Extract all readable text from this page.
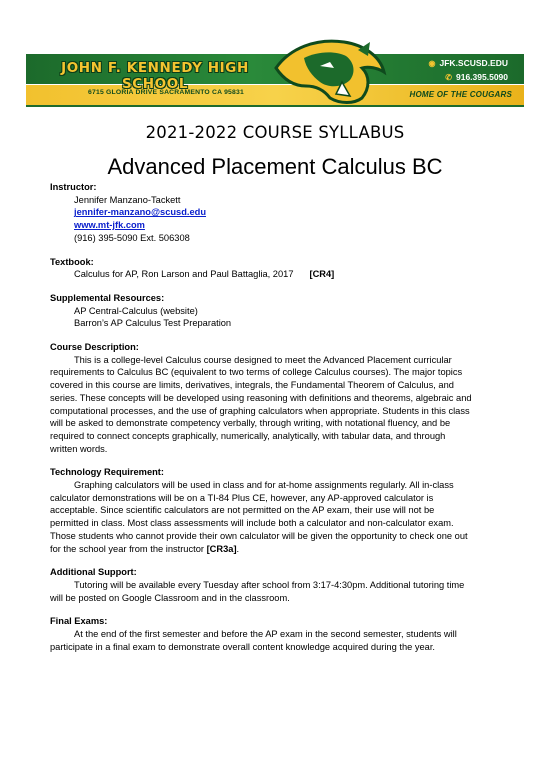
JOHN F. KENNEDY HIGH SCHOOL
6715 GLORIA DRIVE SACRAMENTO CA 95831
◉ JFK.SCUSD.EDU
✆ 916.395.5090
HOME OF THE COUGARS
2021-2022 COURSE SYLLABUS
Advanced Placement Calculus BC
Instructor:
Jennifer Manzano-Tackett
jennifer-manzano@scusd.edu
www.mt-jfk.com
(916) 395-5090 Ext. 506308
Textbook:
Calculus for AP, Ron Larson and Paul Battaglia, 2017 [CR4]
Supplemental Resources:
AP Central-Calculus (website)
Barron’s AP Calculus Test Preparation
Course Description:
This is a college-level Calculus course designed to meet the Advanced Placement curricular
requirements to Calculus BC (equivalent to two terms of college Calculus courses). The major topics
covered in this course are limits, derivatives, integrals, the Fundamental Theorem of Calculus, and
series. These concepts will be developed using reasoning with definitions and theorems, algebraic and
computational processes, and the use of graphing calculators when appropriate. Students in this class
will be asked to demonstrate competency verbally, through writing, with notational fluency, and be
required to connect concepts graphically, numerically, analytically, with tabular data, and through
written words.
Technology Requirement:
Graphing calculators will be used in class and for at-home assignments regularly. All in-class
calculator demonstrations will be on a TI-84 Plus CE, however, any AP-approved calculator is
acceptable. Since scientific calculators are not permitted on the AP exam, their use will not be
permitted in class. Most class assessments will include both a calculator and non-calculator exam.
Those students who cannot provide their own calculator will be given the opportunity to check one out
for the school year from the instructor [CR3a].
Additional Support:
Tutoring will be available every Tuesday after school from 3:17-4:30pm. Additional tutoring time
will be posted on Google Classroom and in the classroom.
Final Exams:
At the end of the first semester and before the AP exam in the second semester, students will
participate in a final exam to demonstrate overall content knowledge acquired during the year.
